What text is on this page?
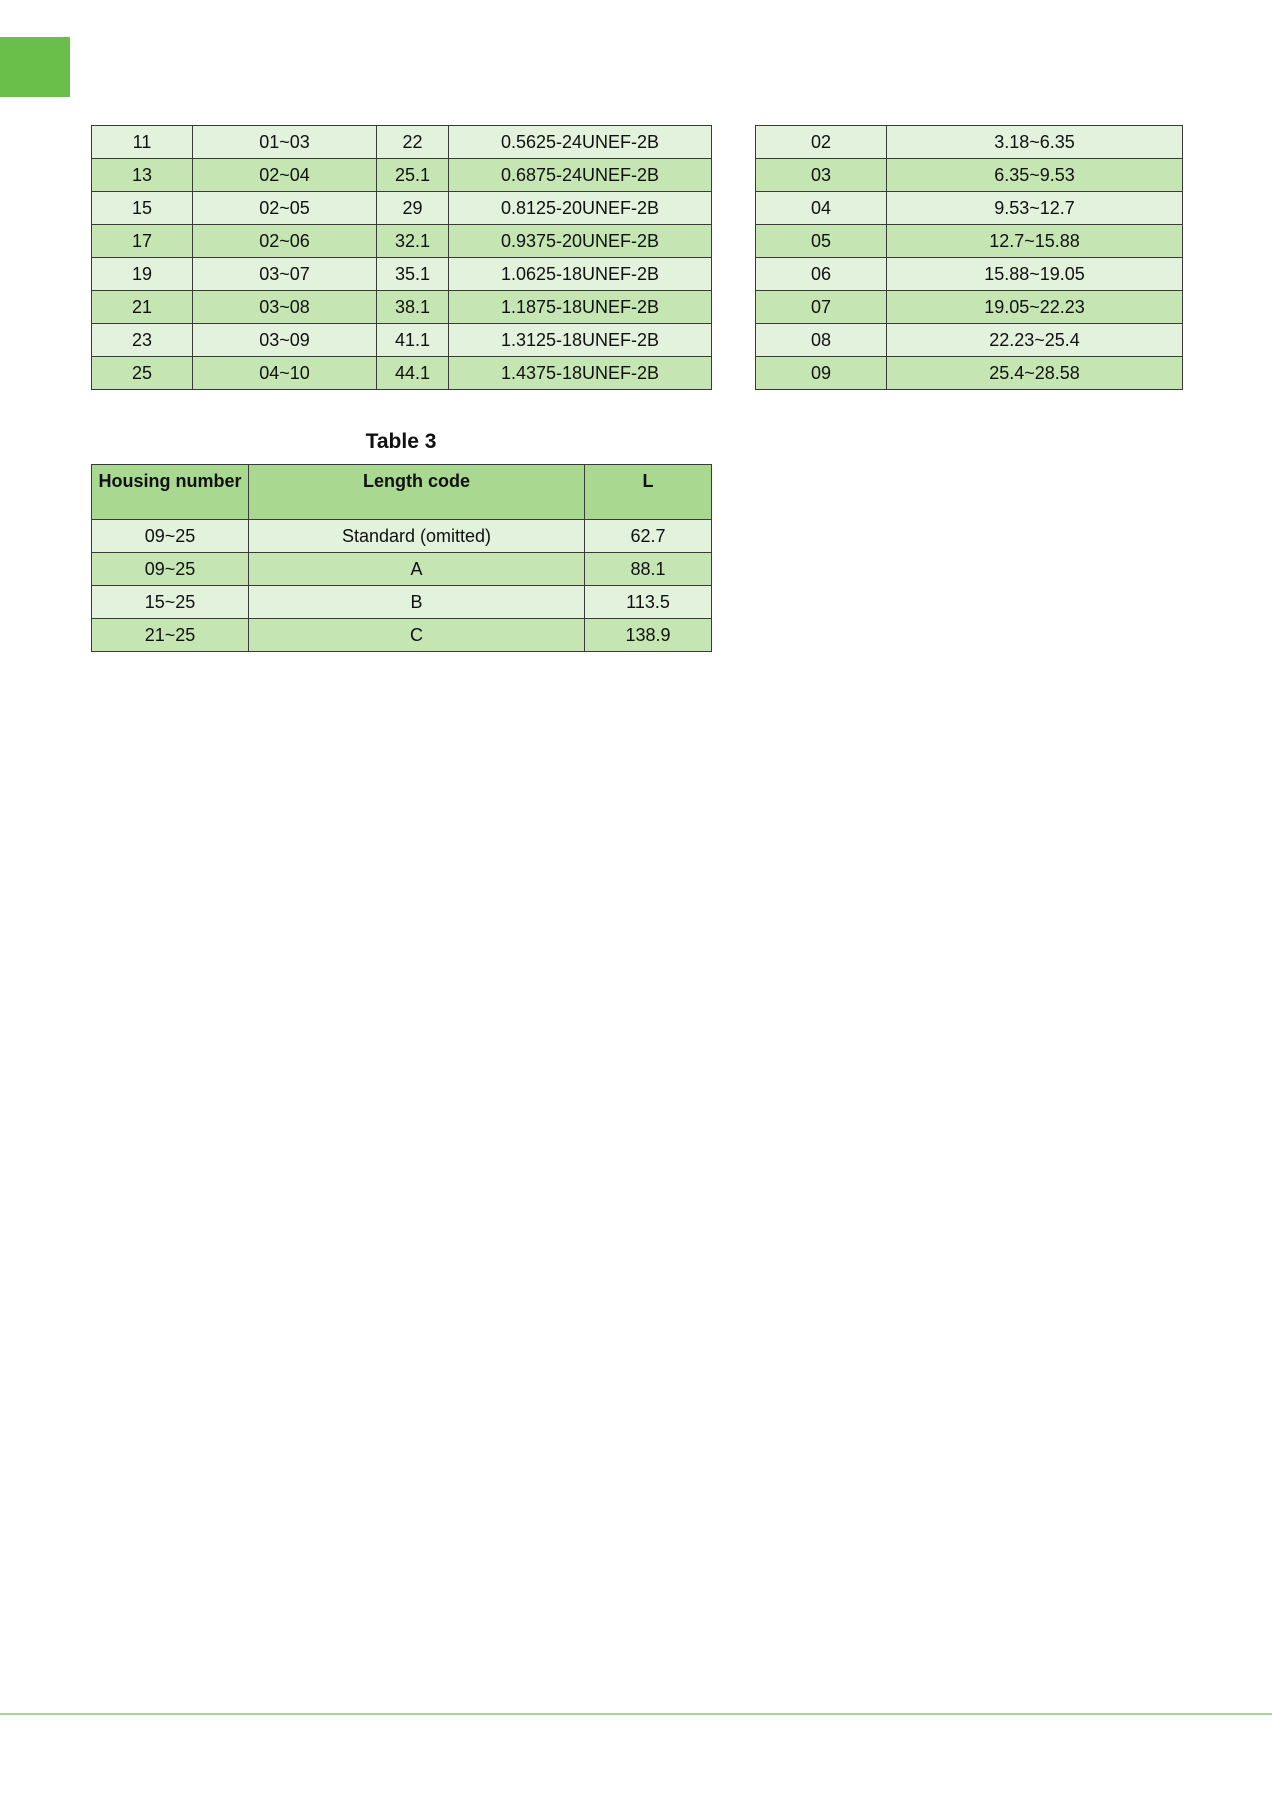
11	01~03	22	0.5625-24UNEF-2B
13	02~04	25.1	0.6875-24UNEF-2B
15	02~05	29	0.8125-20UNEF-2B
17	02~06	32.1	0.9375-20UNEF-2B
19	03~07	35.1	1.0625-18UNEF-2B
21	03~08	38.1	1.1875-18UNEF-2B
23	03~09	41.1	1.3125-18UNEF-2B
25	04~10	44.1	1.4375-18UNEF-2B
02	3.18~6.35
03	6.35~9.53
04	9.53~12.7
05	12.7~15.88
06	15.88~19.05
07	19.05~22.23
08	22.23~25.4
09	25.4~28.58
Table 3
Housing number	Length code	L
09~25	Standard (omitted)	62.7
09~25	A	88.1
15~25	B	113.5
21~25	C	138.9
